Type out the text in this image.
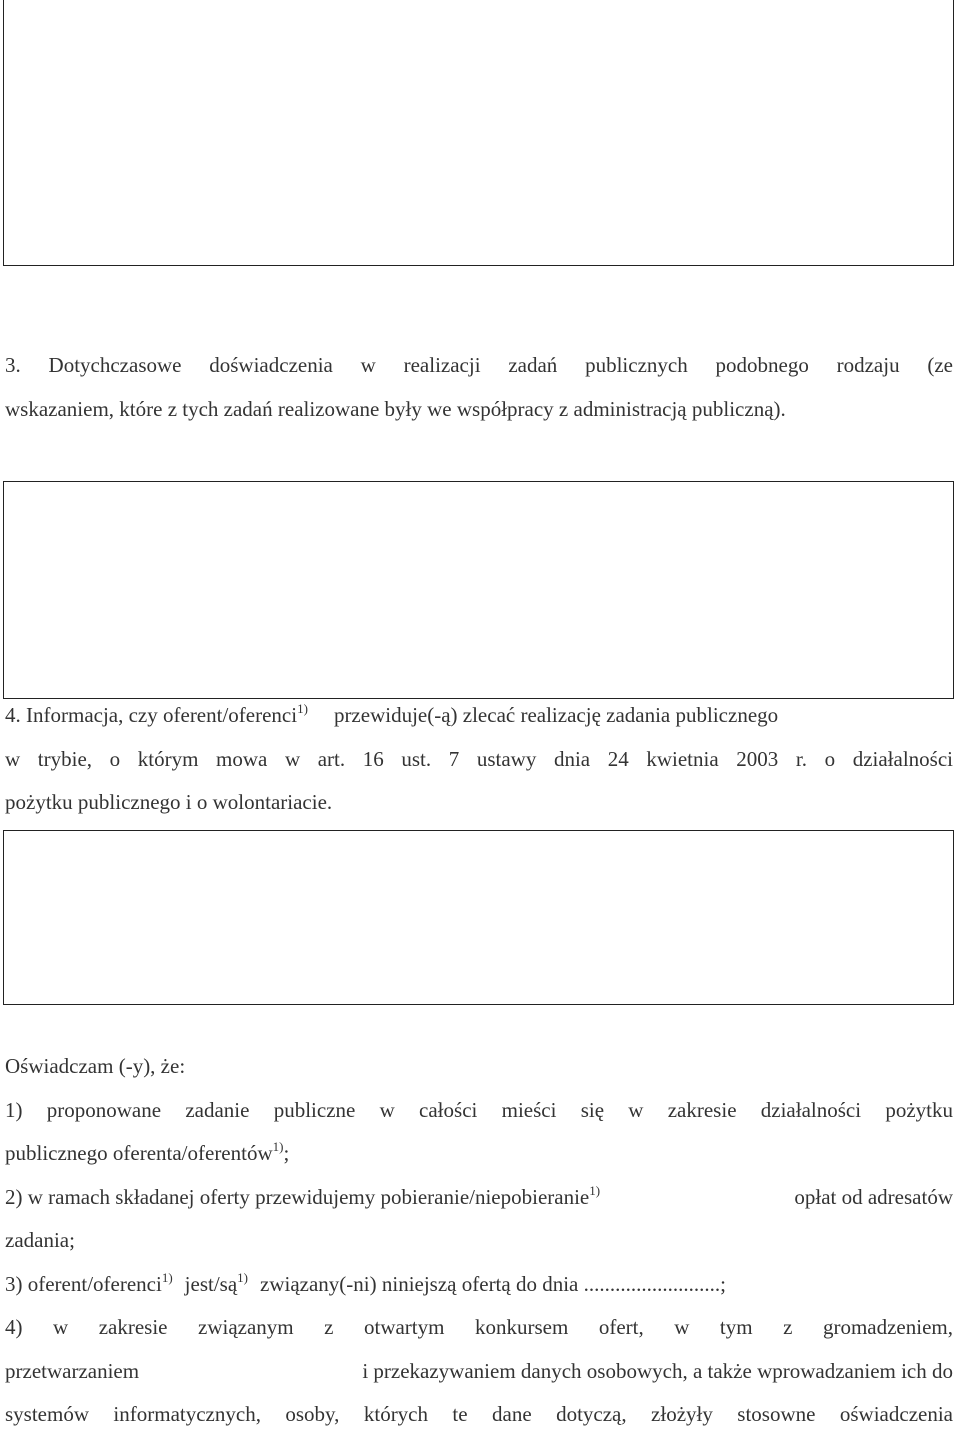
3. Dotychczasowe doświadczenia w realizacji zadań publicznych podobnego rodzaju (ze
wskazaniem, które z tych zadań realizowane były we współpracy z administracją publiczną).
4. Informacja, czy oferent/oferenci$^{1)}$ przewiduje(-ą) zlecać realizację zadania publicznego
w trybie, o którym mowa w art. 16 ust. 7 ustawy dnia 24 kwietnia 2003 r. o działalności
pożytku publicznego i o wolontariacie.
Oświadczam (-y), że:
1) proponowane zadanie publiczne w całości mieści się w zakresie działalności pożytku
publicznego oferenta/oferentów$^{1)}$;
2) w ramach składanej oferty przewidujemy pobieranie/niepobieranie$^{1)}$	opłat od adresatów
zadania;
3) oferent/oferenci$^{1)}$ jest/$są^{1)}$ związany(-ni) niniejszą ofertą do dnia ..........................;
4) w zakresie związanym z otwartym konkursem ofert, w tym z gromadzeniem,
przetwarzaniem	i przekazywaniem danych osobowych, a także wprowadzaniem ich do
systemów informatycznych, osoby, których te dane dotyczą, złożyły stosowne oświadczenia
